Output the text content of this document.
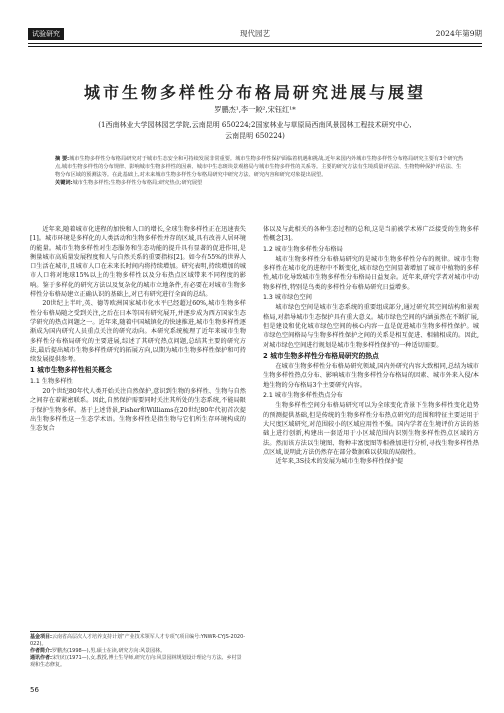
试验研究	现代园艺	2024年第9期
城市生物多样性分布格局研究进展与展望
罗鹏杰¹,李一鲛²,宋钰红¹*
(1西南林业大学园林园艺学院,云南昆明 650224;2国家林业与草原局西南风景园林工程技术研究中心,
云南昆明 650224)
摘 要:城市生物多样性分布格局研究对于城市生态安全和可持续发展非常重要。城市生物多样性保护面临着机遇和挑战,近年来国内外城市生物多样性分布格局研究主要有3个研究热点,城市生物多样性的分布规律、影响城市生物多样性的因素、城市中生态斑块景观格局与城市生物多样性的关系等。主要的研究方法有生境质量评估法、生物物种保护评估法、生物分布区域的预测法等。在此基础上,对未来城市生物多样性分布格局研究中研究方法、研究内容和研究对象提出展望。
关键词:城市生物多样性;生物多样性分布格局;研究热点;研究展望

近年来,随着城市化进程的加快和人口的增长,全球生物多样性正在迅速丧失[1]。城市环境是多样化的人类活动和生物多样性并存的区域,具有改善人居环境的能量。城市生物多样性对生态服务和生态功能的提升具有显著的促进作用,是衡量城市高质量发展程度和人与自然关系的重要指标[2]。如今有55%的世界人口生活在城市,且城市人口在未来长时间内将持续增加。研究表明,持续增加的城市人口将对地球15%以上的生物多样性以及分布热点区域带来不同程度的影响。鉴于多样化的研究方法以及复杂化的城市立地条件,有必要在对城市生物多样性分布格局建立正确认识的基础上,对已有研究进行全面的总结。

20世纪上半叶,英、德等欧洲国家城市化水平已经超过60%,城市生物多样性分布格局随之受到关注,之后在日本等国有研究展开,并逐步成为西方国家生态学研究的热点问题之一。近年来,随着中国城镇化的快速推进,城市生物多样性逐渐成为国内研究人员重点关注的研究动向。本研究系统梳理了近年来城市生物多样性分布格局研究的主要进展,综述了其研究热点问题,总结其主要的研究方法,最后提出城市生物多样性研究的拓展方向,以期为城市生物多样性保护和可持续发展提供参考。

1 城市生物多样性相关概念
1.1 生物多样性

20个世纪80年代人类开始关注自然保护,意识到生物的多样性、生物与自然之间存在着紧密联系。因此,自然保护需要同时关注其所处的生态系统,不能局限于保护生物多样。基于上述背景,Fisher和Williams在20世纪80年代初首次提出生物多样性这一生态学术语。生物多样性是指生物与它们所生存环境构成的生态复合

体以及与此相关的各种生态过程的总和,这是当前被学术界广泛接受的生物多样性概念[3]。

1.2 城市生物多样性分布格局

城市生物多样性分布格局研究的是城市生物多样性分布的规律。城市生物多样性在城市化的进程中不断变化,城市绿色空间显著增加了城市中植物的多样性,城市化导致城市生物多样性分布格局日益复杂。近年来,研究学者对城市中动物多样性,特别是鸟类的多样性分布格局研究日益增多。

1.3 城市绿色空间

城市绿色空间是城市生态系统的重要组成部分,通过研究其空间结构和景观格局,对指导城市生态保护具有重大意义。城市绿色空间的内涵虽然在不断扩展,但是建设和优化城市绿色空间的核心内容一直是促进城市生物多样性保护。城市绿色空间格局与生物多样性保护之间的关系是相互促进、相辅相成的。因此,对城市绿色空间进行规划是城市生物多样性保护的一种适切需要。

2 城市生物多样性分布格局研究的热点

在城市生物多样性分布格局研究领域,国内外研究内容大致相同,总结为城市生物多样性热点分布、影响城市生物多样性分布格局的因素、城市外来入侵/本地生物的分布格局3个主要研究内容。

2.1 城市生物多样性热点分布

生物多样性空间分布格局研究可以为全球变化背景下生物多样性变化趋势的预测提供基础,但是传统的生物多样性分布热点研究的范围和特征主要运用于大尺度区域研究,对范围较小的区域应用性不强。国内学者在生境评价方法的基础上进行创新,构建出一套适用于小区域范围内识别生物多样性热点区域的方法。然而该方法以生境图、物种丰富度图等相叠加进行分析,寻找生物多样性热点区域,说明此方法仍然存在部分数据难以获取的局限性。

近年来,3S技术的发展为城市生物多样性保护提

基金项目:云南省高层次人才培养支持计划“产业技术领军人才专项”(项目编号:YNWR-CYJS-2020-022)。
作者简介:罗鹏杰(1998—),男,硕士在读,研究方向:风景园林。
通讯作者:宋钰红(1971—),女,教授,博士生导师,研究方向:风景园林规划设计理论与方法、乡村景观和生态修复。
56
